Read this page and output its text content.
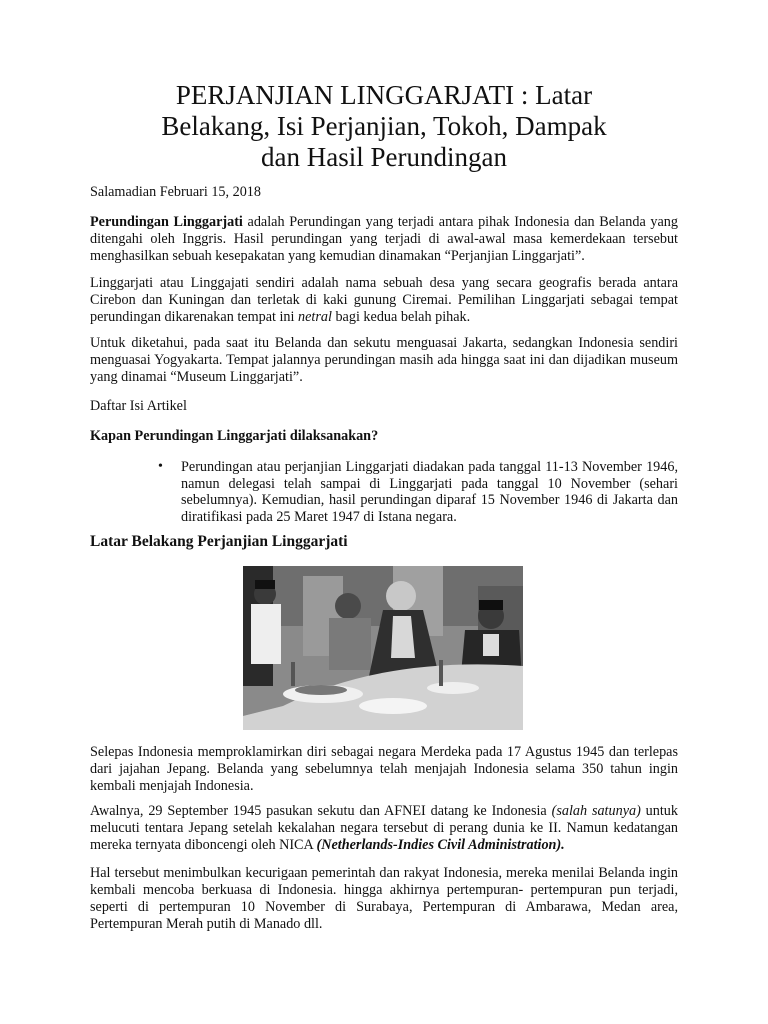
PERJANJIAN LINGGARJATI : Latar
Belakang, Isi Perjanjian, Tokoh, Dampak
dan Hasil Perundingan

Salamadian Februari 15, 2018

Perundingan Linggarjati adalah Perundingan yang terjadi antara pihak Indonesia dan Belanda yang ditengahi oleh Inggris. Hasil perundingan yang terjadi di awal-awal masa kemerdekaan tersebut menghasilkan sebuah kesepakatan yang kemudian dinamakan “Perjanjian Linggarjati”.

Linggarjati atau Linggajati sendiri adalah nama sebuah desa yang secara geografis berada antara Cirebon dan Kuningan dan terletak di kaki gunung Ciremai. Pemilihan Linggarjati sebagai tempat perundingan dikarenakan tempat ini netral bagi kedua belah pihak.

Untuk diketahui, pada saat itu Belanda dan sekutu menguasai Jakarta, sedangkan Indonesia sendiri menguasai Yogyakarta. Tempat jalannya perundingan masih ada hingga saat ini dan dijadikan museum yang dinamai “Museum Linggarjati”.

Daftar Isi Artikel

Kapan Perundingan Linggarjati dilaksanakan?

• Perundingan atau perjanjian Linggarjati diadakan pada tanggal 11-13 November 1946, namun delegasi telah sampai di Linggarjati pada tanggal 10 November (sehari sebelumnya). Kemudian, hasil perundingan diparaf 15 November 1946 di Jakarta dan diratifikasi pada 25 Maret 1947 di Istana negara.
Latar Belakang Perjanjian Linggarjati

Selepas Indonesia memproklamirkan diri sebagai negara Merdeka pada 17 Agustus 1945 dan terlepas dari jajahan Jepang. Belanda yang sebelumnya telah menjajah Indonesia selama 350 tahun ingin kembali menjajah Indonesia.

Awalnya, 29 September 1945 pasukan sekutu dan AFNEI datang ke Indonesia (salah satunya) untuk melucuti tentara Jepang setelah kekalahan negara tersebut di perang dunia ke II. Namun kedatangan mereka ternyata diboncengi oleh NICA (Netherlands-Indies Civil Administration).

Hal tersebut menimbulkan kecurigaan pemerintah dan rakyat Indonesia, mereka menilai Belanda ingin kembali mencoba berkuasa di Indonesia. hingga akhirnya pertempuran- pertempuran pun terjadi, seperti di pertempuran 10 November di Surabaya, Pertempuran di Ambarawa, Medan area, Pertempuran Merah putih di Manado dll.
